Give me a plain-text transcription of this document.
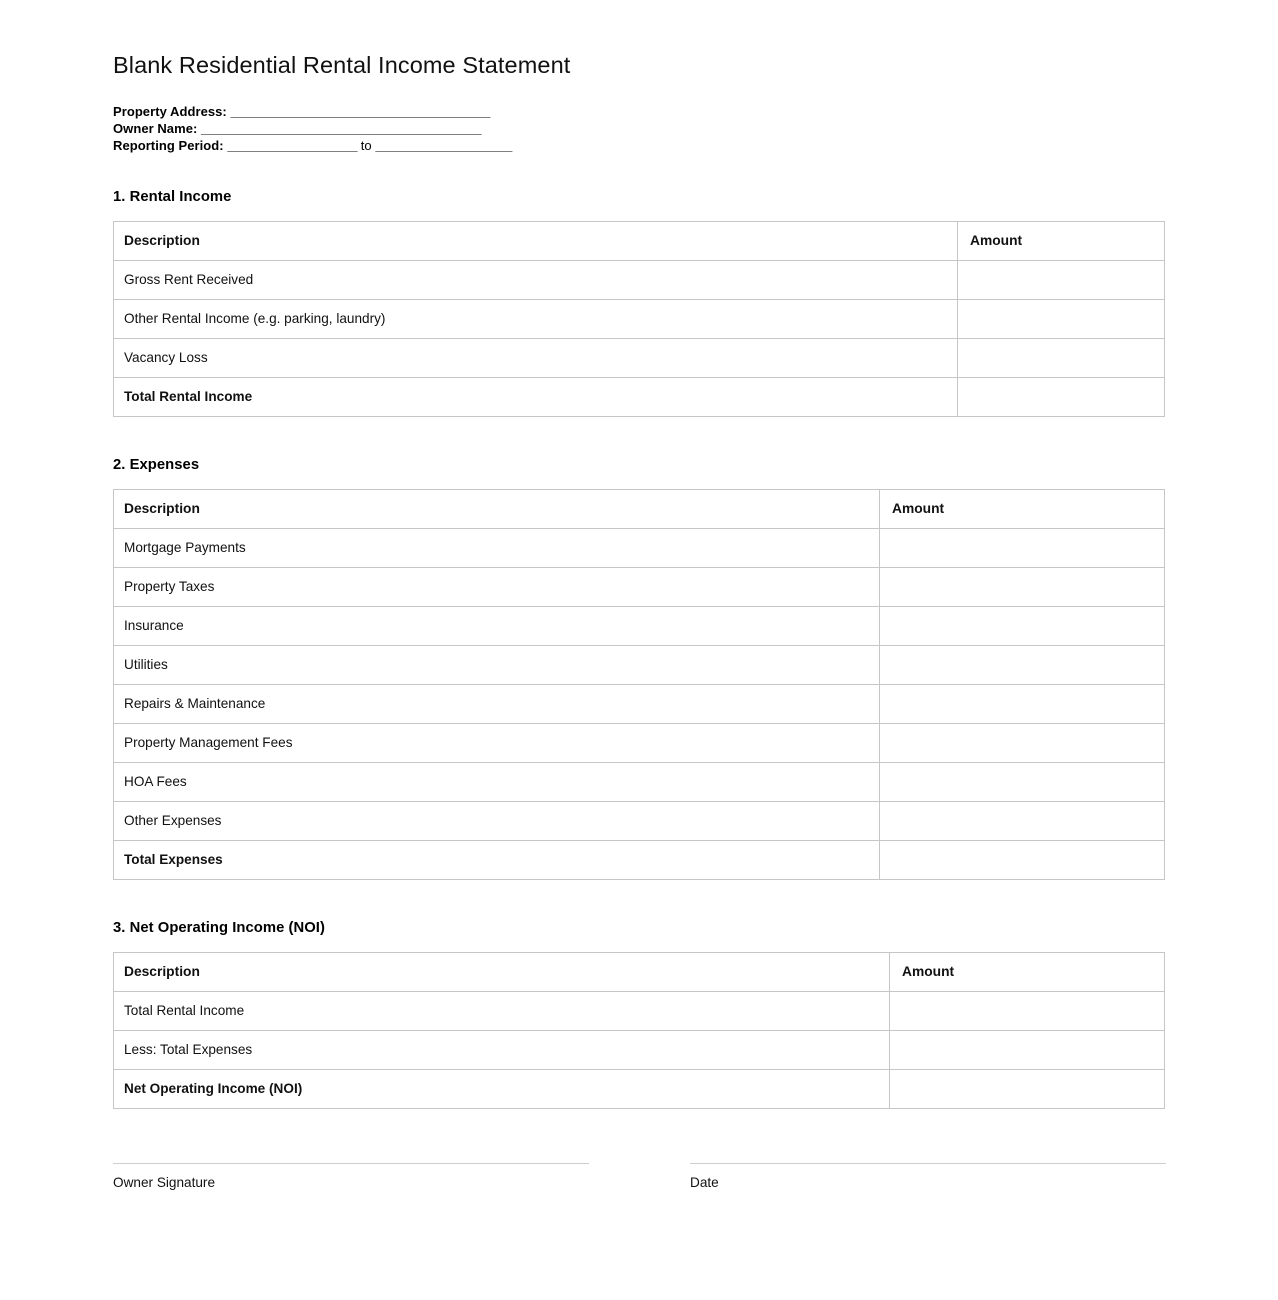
Blank Residential Rental Income Statement
Property Address: ______________________________________
Owner Name: _________________________________________
Reporting Period: ___________________ to ____________________
1. Rental Income
Description	Amount
Gross Rent Received	
Other Rental Income (e.g. parking, laundry)	
Vacancy Loss	
Total Rental Income	
2. Expenses
Description	Amount
Mortgage Payments	
Property Taxes	
Insurance	
Utilities	
Repairs & Maintenance	
Property Management Fees	
HOA Fees	
Other Expenses	
Total Expenses	
3. Net Operating Income (NOI)
Description	Amount
Total Rental Income	
Less: Total Expenses	
Net Operating Income (NOI)	
Owner Signature	Date
